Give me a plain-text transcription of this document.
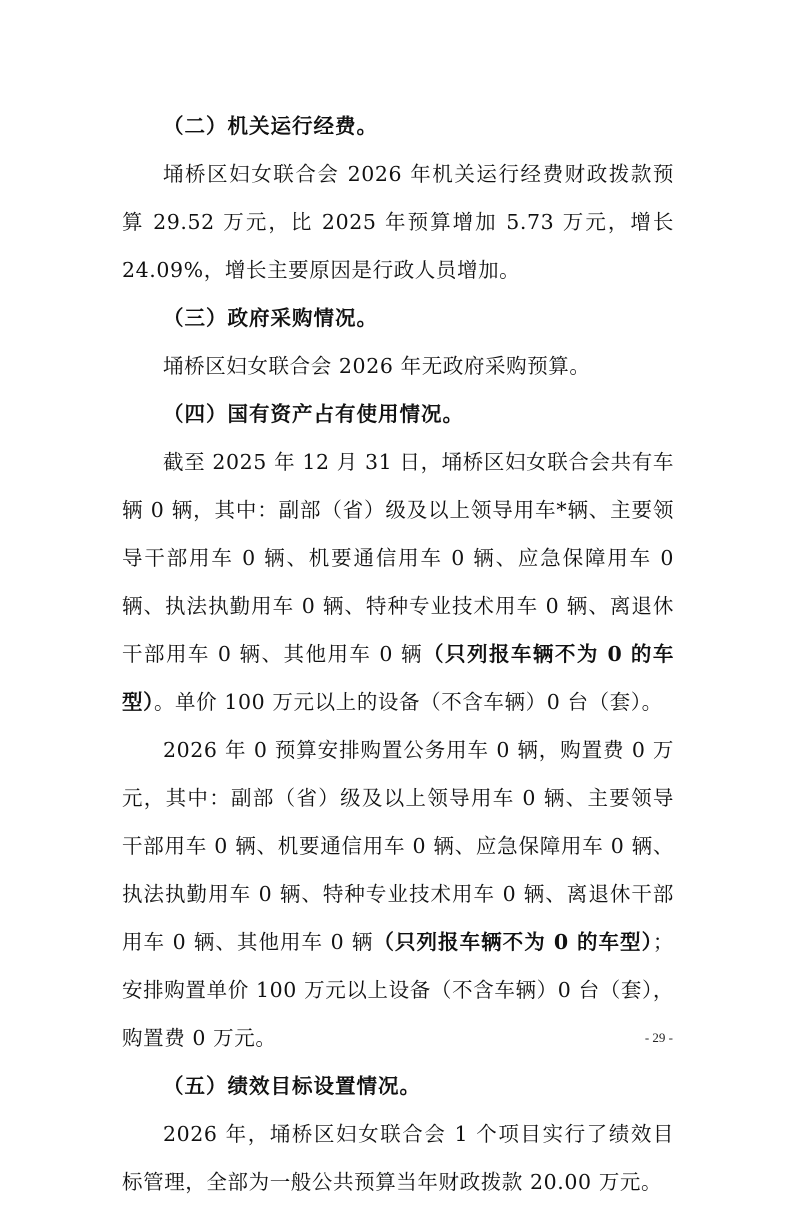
（二）机关运行经费。

埇桥区妇女联合会 2026 年机关运行经费财政拨款预算 29.52 万元，比 2025 年预算增加 5.73 万元，增长 24.09%，增长主要原因是行政人员增加。

（三）政府采购情况。

埇桥区妇女联合会 2026 年无政府采购预算。

（四）国有资产占有使用情况。

截至 2025 年 12 月 31 日，埇桥区妇女联合会共有车辆 0 辆，其中：副部（省）级及以上领导用车*辆、主要领导干部用车 0 辆、机要通信用车 0 辆、应急保障用车 0 辆、执法执勤用车 0 辆、特种专业技术用车 0 辆、离退休干部用车 0 辆、其他用车 0 辆（只列报车辆不为 0 的车型）。单价 100 万元以上的设备（不含车辆）0 台（套）。

2026 年 0 预算安排购置公务用车 0 辆，购置费 0 万元，其中：副部（省）级及以上领导用车 0 辆、主要领导干部用车 0 辆、机要通信用车 0 辆、应急保障用车 0 辆、执法执勤用车 0 辆、特种专业技术用车 0 辆、离退休干部用车 0 辆、其他用车 0 辆（只列报车辆不为 0 的车型）；安排购置单价 100 万元以上设备（不含车辆）0 台（套），购置费 0 万元。

（五）绩效目标设置情况。

2026 年，埇桥区妇女联合会 1 个项目实行了绩效目标管理，全部为一般公共预算当年财政拨款 20.00 万元。

- 29 -
